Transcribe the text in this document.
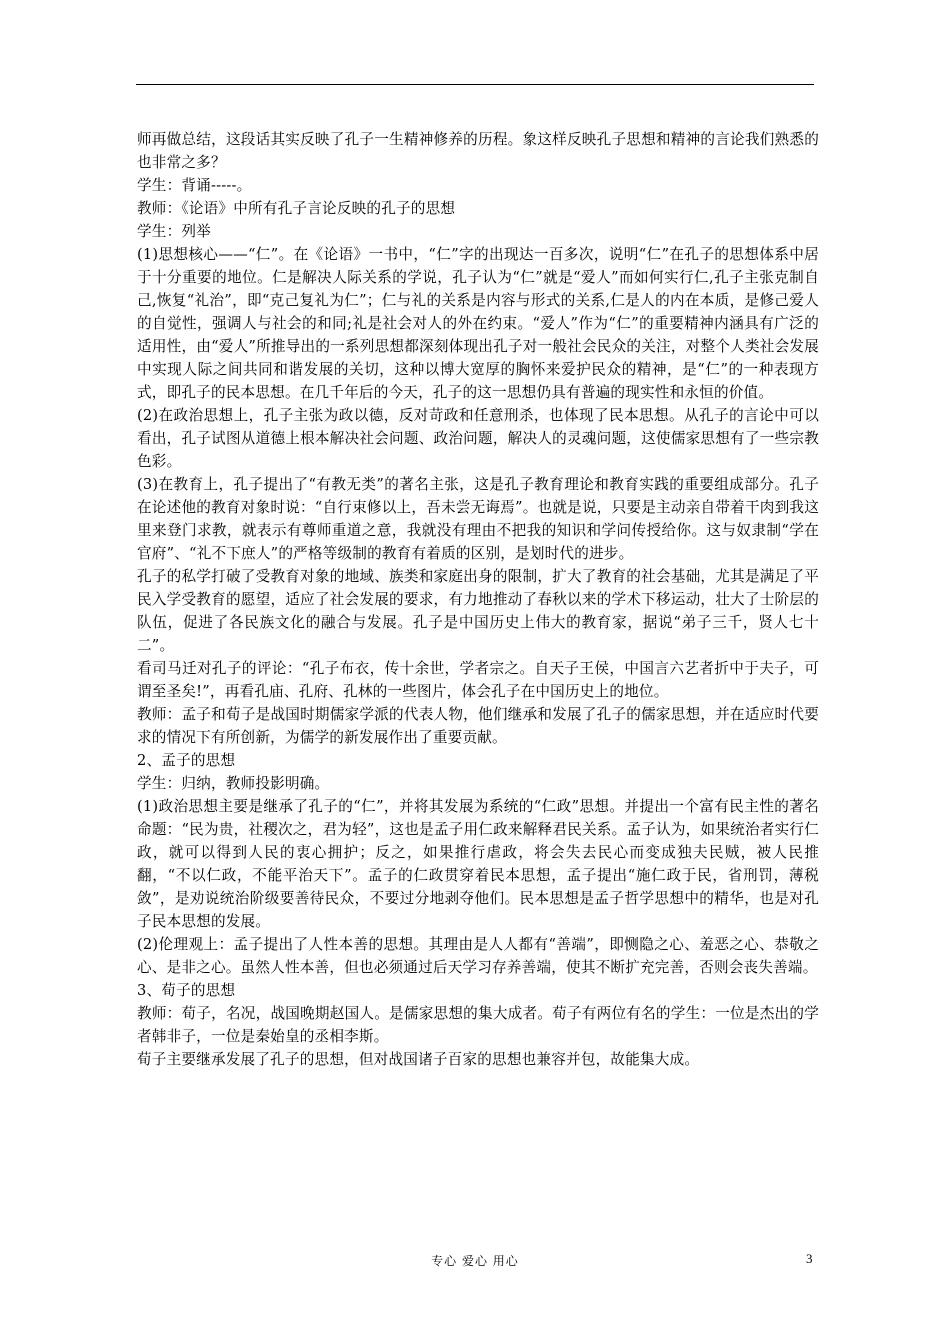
师再做总结，这段话其实反映了孔子一生精神修养的历程。象这样反映孔子思想和精神的言论我们熟悉的也非常之多？

学生：背诵-----。

教师：《论语》中所有孔子言论反映的孔子的思想

学生：列举

(1)思想核心——“仁”。在《论语》一书中，“仁”字的出现达一百多次，说明“仁”在孔子的思想体系中居于十分重要的地位。仁是解决人际关系的学说，孔子认为“仁”就是“爱人”而如何实行仁,孔子主张克制自己,恢复“礼治”，即“克己复礼为仁”；仁与礼的关系是内容与形式的关系,仁是人的内在本质，是修己爱人的自觉性，强调人与社会的和同;礼是社会对人的外在约束。“爱人”作为“仁”的重要精神内涵具有广泛的适用性，由“爱人”所推导出的一系列思想都深刻体现出孔子对一般社会民众的关注，对整个人类社会发展中实现人际之间共同和谐发展的关切，这种以博大宽厚的胸怀来爱护民众的精神，是“仁”的一种表现方式，即孔子的民本思想。在几千年后的今天，孔子的这一思想仍具有普遍的现实性和永恒的价值。

(2)在政治思想上，孔子主张为政以德，反对苛政和任意刑杀，也体现了民本思想。从孔子的言论中可以看出，孔子试图从道德上根本解决社会问题、政治问题，解决人的灵魂问题，这使儒家思想有了一些宗教色彩。

(3)在教育上，孔子提出了“有教无类”的著名主张，这是孔子教育理论和教育实践的重要组成部分。孔子在论述他的教育对象时说：“自行束修以上，吾未尝无诲焉”。也就是说，只要是主动亲自带着干肉到我这里来登门求教，就表示有尊师重道之意，我就没有理由不把我的知识和学问传授给你。这与奴隶制“学在官府”、“礼不下庶人”的严格等级制的教育有着质的区别，是划时代的进步。

孔子的私学打破了受教育对象的地域、族类和家庭出身的限制，扩大了教育的社会基础，尤其是满足了平民入学受教育的愿望，适应了社会发展的要求，有力地推动了春秋以来的学术下移运动，壮大了士阶层的队伍，促进了各民族文化的融合与发展。孔子是中国历史上伟大的教育家，据说“弟子三千，贤人七十二”。

看司马迁对孔子的评论：“孔子布衣，传十余世，学者宗之。自天子王侯，中国言六艺者折中于夫子，可谓至圣矣!”，再看孔庙、孔府、孔林的一些图片，体会孔子在中国历史上的地位。

教师：孟子和荀子是战国时期儒家学派的代表人物，他们继承和发展了孔子的儒家思想，并在适应时代要求的情况下有所创新，为儒学的新发展作出了重要贡献。

2、孟子的思想

学生：归纳，教师投影明确。

(1)政治思想主要是继承了孔子的“仁”，并将其发展为系统的“仁政”思想。并提出一个富有民主性的著名命题：“民为贵，社稷次之，君为轻”，这也是孟子用仁政来解释君民关系。孟子认为，如果统治者实行仁政，就可以得到人民的衷心拥护；反之，如果推行虐政，将会失去民心而变成独夫民贼，被人民推翻，“不以仁政，不能平治天下”。孟子的仁政贯穿着民本思想，孟子提出“施仁政于民，省刑罚，薄税敛”，是劝说统治阶级要善待民众，不要过分地剥夺他们。民本思想是孟子哲学思想中的精华，也是对孔子民本思想的发展。

(2)伦理观上：孟子提出了人性本善的思想。其理由是人人都有“善端”，即恻隐之心、羞恶之心、恭敬之心、是非之心。虽然人性本善，但也必须通过后天学习存养善端，使其不断扩充完善，否则会丧失善端。

3、荀子的思想

教师：荀子，名况，战国晚期赵国人。是儒家思想的集大成者。荀子有两位有名的学生：一位是杰出的学者韩非子，一位是秦始皇的丞相李斯。

荀子主要继承发展了孔子的思想，但对战国诸子百家的思想也兼容并包，故能集大成。

专心 爱心 用心	3
